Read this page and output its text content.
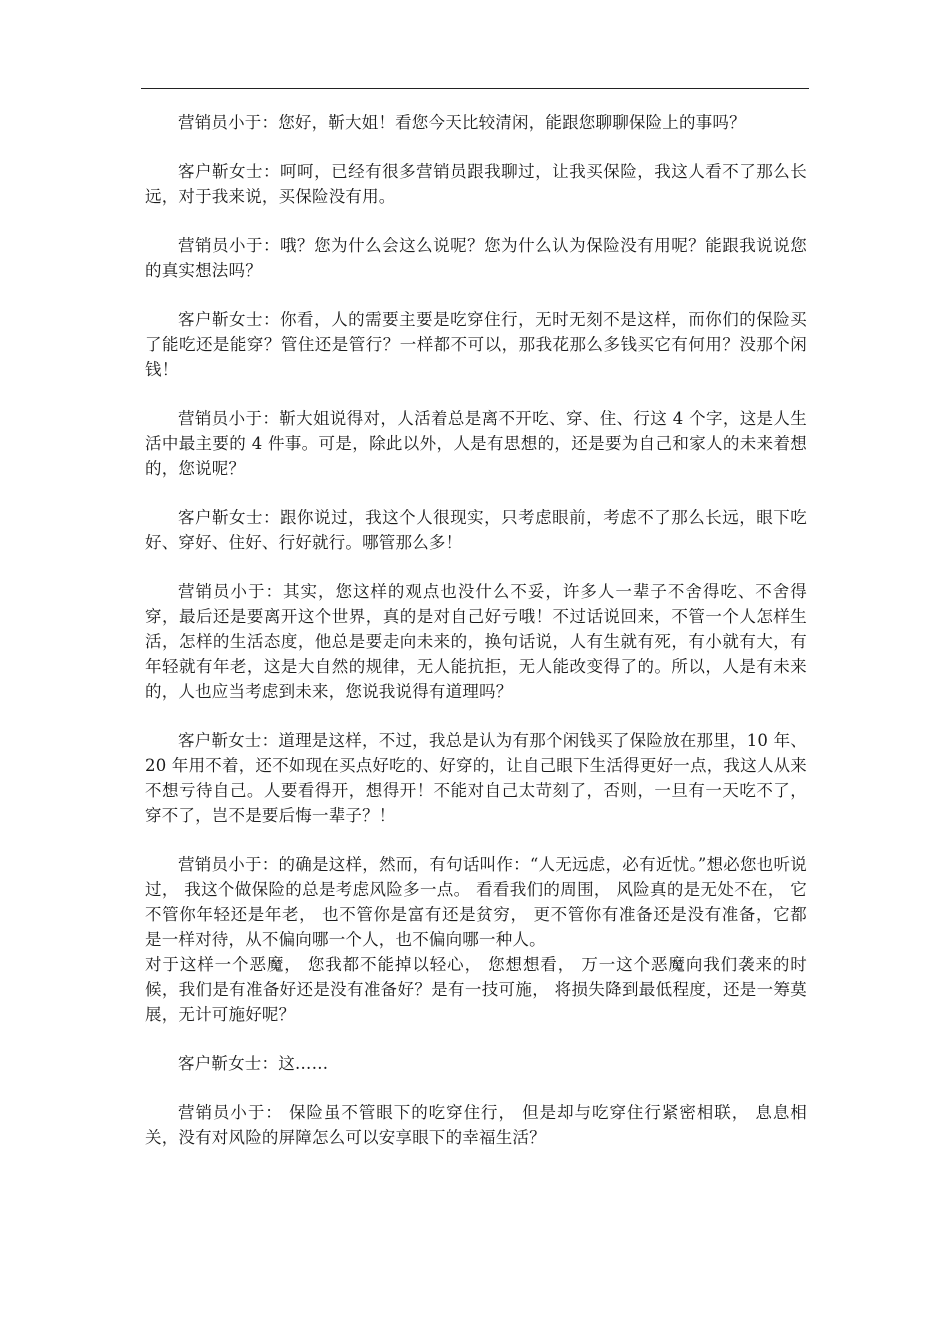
营销员小于：您好，靳大姐！看您今天比较清闲，能跟您聊聊保险上的事吗？

客户靳女士：呵呵，已经有很多营销员跟我聊过，让我买保险，我这人看不了那么长远，对于我来说，买保险没有用。

营销员小于：哦？您为什么会这么说呢？您为什么认为保险没有用呢？能跟我说说您的真实想法吗？

客户靳女士：你看，人的需要主要是吃穿住行，无时无刻不是这样，而你们的保险买了能吃还是能穿？管住还是管行？一样都不可以，那我花那么多钱买它有何用？没那个闲钱！

营销员小于：靳大姐说得对，人活着总是离不开吃、穿、住、行这 4 个字，这是人生活中最主要的 4 件事。可是，除此以外，人是有思想的，还是要为自己和家人的未来着想的，您说呢？

客户靳女士：跟你说过，我这个人很现实，只考虑眼前，考虑不了那么长远，眼下吃好、穿好、住好、行好就行。哪管那么多！

营销员小于：其实，您这样的观点也没什么不妥，许多人一辈子不舍得吃、不舍得穿，最后还是要离开这个世界，真的是对自己好亏哦！不过话说回来，不管一个人怎样生活，怎样的生活态度，他总是要走向未来的，换句话说，人有生就有死，有小就有大，有年轻就有年老，这是大自然的规律，无人能抗拒，无人能改变得了的。所以，人是有未来的，人也应当考虑到未来，您说我说得有道理吗？

客户靳女士：道理是这样，不过，我总是认为有那个闲钱买了保险放在那里，10 年、20 年用不着，还不如现在买点好吃的、好穿的，让自己眼下生活得更好一点，我这人从来不想亏待自己。人要看得开，想得开！不能对自己太苛刻了，否则，一旦有一天吃不了，穿不了，岂不是要后悔一辈子？！

营销员小于：的确是这样，然而，有句话叫作：“人无远虑，必有近忧。”想必您也听说过， 我这个做保险的总是考虑风险多一点。 看看我们的周围， 风险真的是无处不在， 它不管你年轻还是年老， 也不管你是富有还是贫穷， 更不管你有准备还是没有准备，它都是一样对待，从不偏向哪一个人，也不偏向哪一种人。
对于这样一个恶魔， 您我都不能掉以轻心， 您想想看， 万一这个恶魔向我们袭来的时候，我们是有准备好还是没有准备好？是有一技可施， 将损失降到最低程度，还是一筹莫展，无计可施好呢？

客户靳女士：这……

营销员小于： 保险虽不管眼下的吃穿住行， 但是却与吃穿住行紧密相联， 息息相关，没有对风险的屏障怎么可以安享眼下的幸福生活？
